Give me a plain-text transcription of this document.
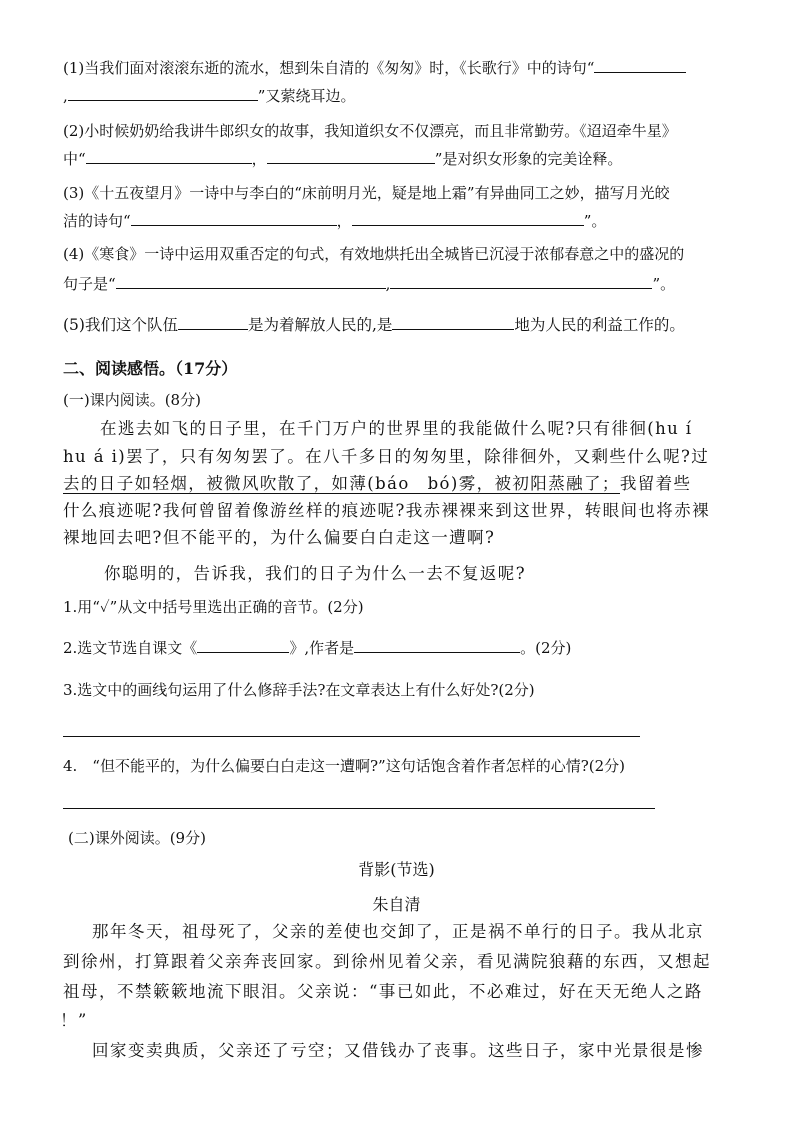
(1)当我们面对滚滚东逝的流水，想到朱自清的《匆匆》时，《长歌行》中的诗句“
,	”又萦绕耳边。
(2)小时候奶奶给我讲牛郎织女的故事，我知道织女不仅漂亮，而且非常勤劳。《迢迢牵牛星》
中“	，	”是对织女形象的完美诠释。
(3)《十五夜望月》一诗中与李白的“床前明月光，疑是地上霜”有异曲同工之妙，描写月光皎
洁的诗句“	，	”。
(4)《寒食》一诗中运用双重否定的句式，有效地烘托出全城皆已沉浸于浓郁春意之中的盛况的
句子是“	,	”。
(5)我们这个队伍	是为着解放人民的,是	地为人民的利益工作的。
二、阅读感悟。（17分）
(一)课内阅读。(8分)
在逃去如飞的日子里，在千门万户的世界里的我能做什么呢?只有徘徊(hu í
hu á i)罢了，只有匆匆罢了。在八千多日的匆匆里，除徘徊外，又剩些什么呢?过
去的日子如轻烟，被微风吹散了，如薄(báo　bó)雾，被初阳蒸融了；我留着些
什么痕迹呢?我何曾留着像游丝样的痕迹呢?我赤裸裸来到这世界，转眼间也将赤裸
裸地回去吧?但不能平的，为什么偏要白白走这一遭啊?
你聪明的，告诉我，我们的日子为什么一去不复返呢?
1.用“✓”从文中括号里选出正确的音节。(2分)
2.选文节选自课文《	》,作者是	。(2分)
3.选文中的画线句运用了什么修辞手法?在文章表达上有什么好处?(2分)
4.　“但不能平的，为什么偏要白白走这一遭啊?”这句话饱含着作者怎样的心情?(2分)
(二)课外阅读。(9分)
背影(节选)
朱自清
那年冬天，祖母死了，父亲的差使也交卸了，正是祸不单行的日子。我从北京
到徐州，打算跟着父亲奔丧回家。到徐州见着父亲，看见满院狼藉的东西，又想起
祖母，不禁簌簌地流下眼泪。父亲说：“事已如此，不必难过，好在天无绝人之路
！”
回家变卖典质，父亲还了亏空；又借钱办了丧事。这些日子，家中光景很是惨
